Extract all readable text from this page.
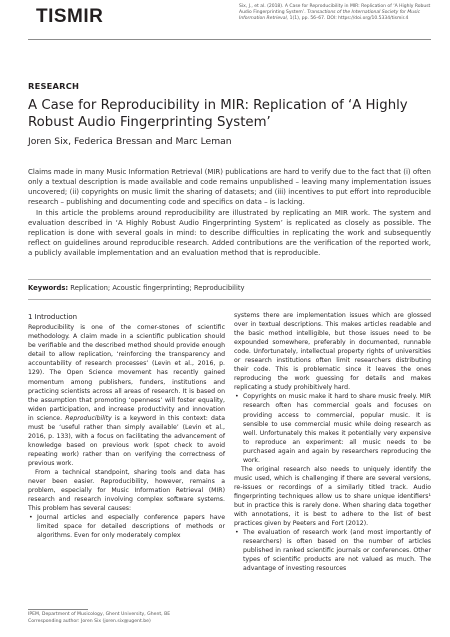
TISMIR	Six, J., et al. (2018). A Case for Reproducibility in MIR: Replication of ‘A Highly Robust Audio Fingerprinting System’. Transactions of the International Society for Music Information Retrieval, 1(1), pp. 56–67. DOI: https://doi.org/10.5334/tismir.4
RESEARCH
A Case for Reproducibility in MIR: Replication of ‘A Highly Robust Audio Fingerprinting System’
Joren Six, Federica Bressan and Marc Leman

Claims made in many Music Information Retrieval (MIR) publications are hard to verify due to the fact that (i) often only a textual description is made available and code remains unpublished – leaving many implementation issues uncovered; (ii) copyrights on music limit the sharing of datasets; and (iii) incentives to put effort into reproducible research – publishing and documenting code and specifics on data – is lacking.

In this article the problems around reproducibility are illustrated by replicating an MIR work. The system and evaluation described in ‘A Highly Robust Audio Fingerprinting System’ is replicated as closely as possible. The replication is done with several goals in mind: to describe difficulties in replicating the work and subsequently reflect on guidelines around reproducible research. Added contributions are the verification of the reported work, a publicly available implementation and an evaluation method that is reproducible.

Keywords: Replication; Acoustic fingerprinting; Reproducibility
1 Introduction

Reproducibility is one of the corner-stones of scientific methodology. A claim made in a scientific publication should be verifiable and the described method should provide enough detail to allow replication, ‘reinforcing the transparency and accountability of research processes’ (Levin et al., 2016, p. 129). The Open Science movement has recently gained momentum among publishers, funders, institutions and practicing scientists across all areas of research. It is based on the assumption that promoting ‘openness’ will foster equality, widen participation, and increase productivity and innovation in science. Reproducibility is a keyword in this context: data must be ‘useful rather than simply available’ (Levin et al., 2016, p. 133), with a focus on facilitating the advancement of knowledge based on previous work (spot check to avoid repeating work) rather than on verifying the correctness of previous work.

From a technical standpoint, sharing tools and data has never been easier. Reproducibility, however, remains a problem, especially for Music Information Retrieval (MIR) research and research involving complex software systems. This problem has several causes:

• Journal articles and especially conference papers have limited space for detailed descriptions of methods or algorithms. Even for only moderately complex

systems there are implementation issues which are glossed over in textual descriptions. This makes articles readable and the basic method intelligible, but those issues need to be expounded somewhere, preferably in documented, runnable code. Unfortunately, intellectual property rights of universities or research institutions often limit researchers distributing their code. This is problematic since it leaves the ones reproducing the work guessing for details and makes replicating a study prohibitively hard.

• Copyrights on music make it hard to share music freely. MIR research often has commercial goals and focuses on providing access to commercial, popular music. It is sensible to use commercial music while doing research as well. Unfortunately this makes it potentially very expensive to reproduce an experiment: all music needs to be purchased again and again by researchers reproducing the work.

The original research also needs to uniquely identify the music used, which is challenging if there are several versions, re-issues or recordings of a similarly titled track. Audio fingerprinting techniques allow us to share unique identifiers¹ but in practice this is rarely done. When sharing data together with annotations, it is best to adhere to the list of best practices given by Peeters and Fort (2012).

• The evaluation of research work (and most importantly of researchers) is often based on the number of articles published in ranked scientific journals or conferences. Other types of scientific products are not valued as much. The advantage of investing resources

IPEM, Department of Musicology, Ghent University, Ghent, BE
Corresponding author: Joren Six (joren.six@ugent.be)
